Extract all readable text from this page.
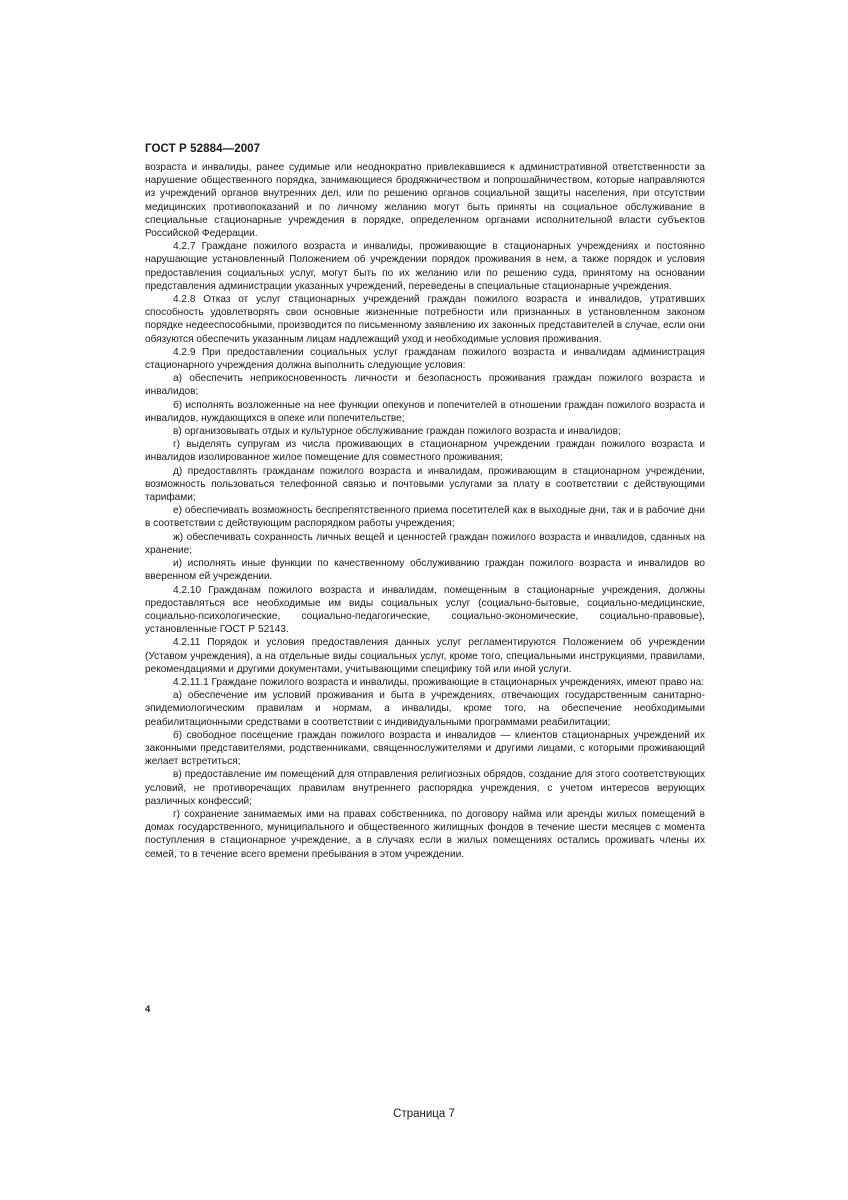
ГОСТ Р 52884—2007

возраста и инвалиды, ранее судимые или неоднократно привлекавшиеся к административной ответственности за нарушение общественного порядка, занимающиеся бродяжничеством и попрошайничеством, которые направляются из учреждений органов внутренних дел, или по решению органов социальной защиты населения, при отсутствии медицинских противопоказаний и по личному желанию могут быть приняты на социальное обслуживание в специальные стационарные учреждения в порядке, определенном органами исполнительной власти субъектов Российской Федерации.

4.2.7 Граждане пожилого возраста и инвалиды, проживающие в стационарных учреждениях и постоянно нарушающие установленный Положением об учреждении порядок проживания в нем, а также порядок и условия предоставления социальных услуг, могут быть по их желанию или по решению суда, принятому на основании представления администрации указанных учреждений, переведены в специальные стационарные учреждения.

4.2.8 Отказ от услуг стационарных учреждений граждан пожилого возраста и инвалидов, утративших способность удовлетворять свои основные жизненные потребности или признанных в установленном законом порядке недееспособными, производится по письменному заявлению их законных представителей в случае, если они обязуются обеспечить указанным лицам надлежащий уход и необходимые условия проживания.

4.2.9 При предоставлении социальных услуг гражданам пожилого возраста и инвалидам администрация стационарного учреждения должна выполнить следующие условия:

а) обеспечить неприкосновенность личности и безопасность проживания граждан пожилого возраста и инвалидов;

б) исполнять возложенные на нее функции опекунов и попечителей в отношении граждан пожилого возраста и инвалидов, нуждающихся в опеке или попечительстве;

в) организовывать отдых и культурное обслуживание граждан пожилого возраста и инвалидов;

г) выделять супругам из числа проживающих в стационарном учреждении граждан пожилого возраста и инвалидов изолированное жилое помещение для совместного проживания;

д) предоставлять гражданам пожилого возраста и инвалидам, проживающим в стационарном учреждении, возможность пользоваться телефонной связью и почтовыми услугами за плату в соответствии с действующими тарифами;

е) обеспечивать возможность беспрепятственного приема посетителей как в выходные дни, так и в рабочие дни в соответствии с действующим распорядком работы учреждения;

ж) обеспечивать сохранность личных вещей и ценностей граждан пожилого возраста и инвалидов, сданных на хранение;

и) исполнять иные функции по качественному обслуживанию граждан пожилого возраста и инвалидов во вверенном ей учреждении.

4.2.10 Гражданам пожилого возраста и инвалидам, помещенным в стационарные учреждения, должны предоставляться все необходимые им виды социальных услуг (социально-бытовые, социально-медицинские, социально-психологические, социально-педагогические, социально-экономические, социально-правовые), установленные ГОСТ Р 52143.

4.2.11 Порядок и условия предоставления данных услуг регламентируются Положением об учреждении (Уставом учреждения), а на отдельные виды социальных услуг, кроме того, специальными инструкциями, правилами, рекомендациями и другими документами, учитывающими специфику той или иной услуги.

4.2.11.1 Граждане пожилого возраста и инвалиды, проживающие в стационарных учреждениях, имеют право на:

а) обеспечение им условий проживания и быта в учреждениях, отвечающих государственным санитарно-эпидемиологическим правилам и нормам, а инвалиды, кроме того, на обеспечение необходимыми реабилитационными средствами в соответствии с индивидуальными программами реабилитации;

б) свободное посещение граждан пожилого возраста и инвалидов — клиентов стационарных учреждений их законными представителями, родственниками, священнослужителями и другими лицами, с которыми проживающий желает встретиться;

в) предоставление им помещений для отправления религиозных обрядов, создание для этого соответствующих условий, не противоречащих правилам внутреннего распорядка учреждения, с учетом интересов верующих различных конфессий;

г) сохранение занимаемых ими на правах собственника, по договору найма или аренды жилых помещений в домах государственного, муниципального и общественного жилищных фондов в течение шести месяцев с момента поступления в стационарное учреждение, а в случаях если в жилых помещениях остались проживать члены их семей, то в течение всего времени пребывания в этом учреждении.

4
Страница 7
